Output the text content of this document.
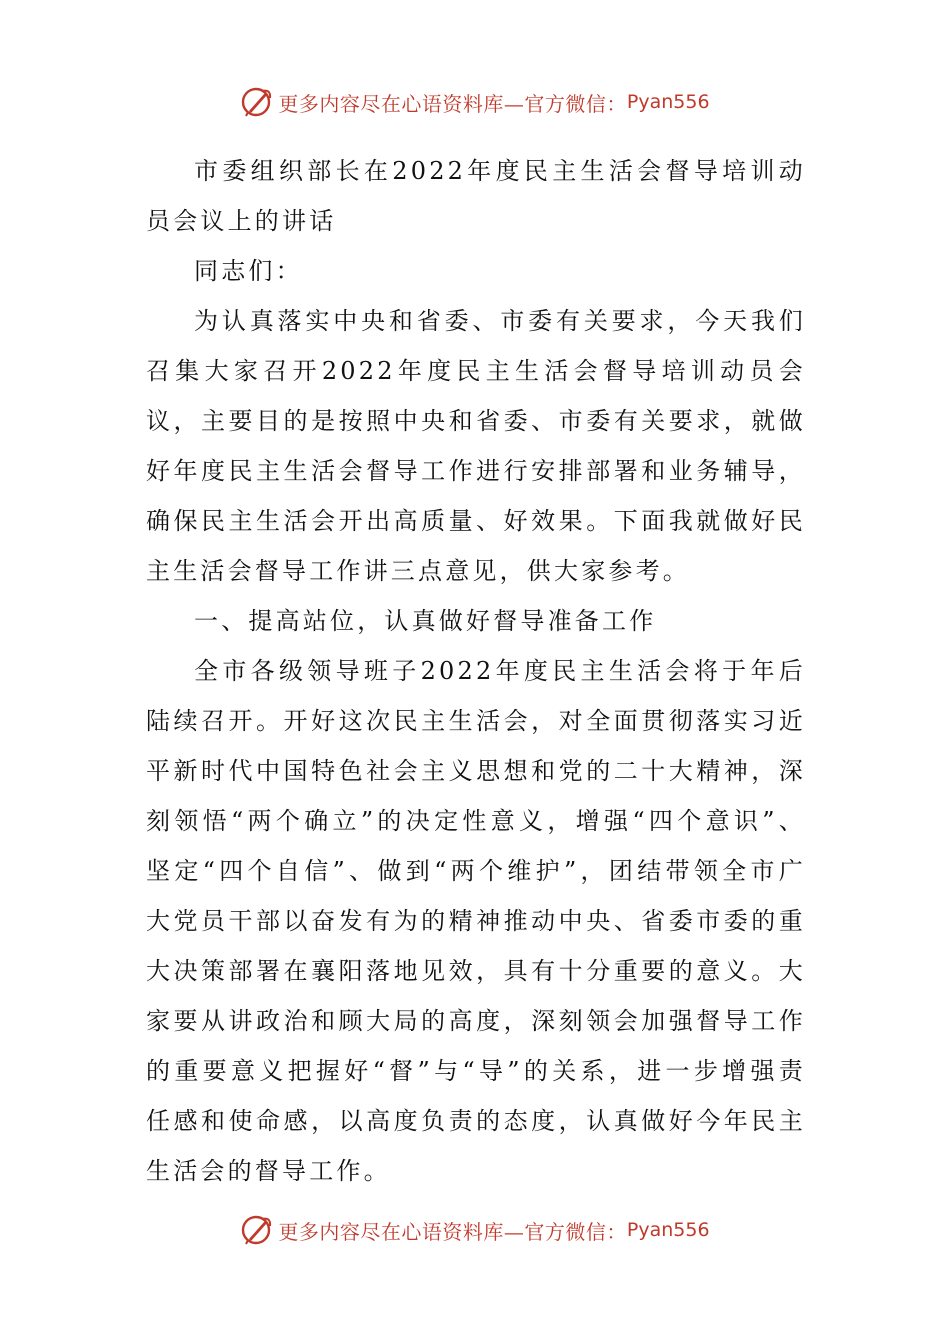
更多内容尽在心语资料库—官方微信： Pyan556

市委组织部长在2022年度民主生活会督导培训动员会议上的讲话

同志们：

为认真落实中央和省委、市委有关要求，今天我们召集大家召开2022年度民主生活会督导培训动员会议，主要目的是按照中央和省委、市委有关要求，就做好年度民主生活会督导工作进行安排部署和业务辅导，确保民主生活会开出高质量、好效果。下面我就做好民主生活会督导工作讲三点意见，供大家参考。

一、提高站位，认真做好督导准备工作

全市各级领导班子2022年度民主生活会将于年后陆续召开。开好这次民主生活会，对全面贯彻落实习近平新时代中国特色社会主义思想和党的二十大精神，深刻领悟“两个确立”的决定性意义，增强“四个意识”、坚定“四个自信”、做到“两个维护”，团结带领全市广大党员干部以奋发有为的精神推动中央、省委市委的重大决策部署在襄阳落地见效，具有十分重要的意义。大家要从讲政治和顾大局的高度，深刻领会加强督导工作的重要意义把握好“督”与“导”的关系，进一步增强责任感和使命感，以高度负责的态度，认真做好今年民主生活会的督导工作。

更多内容尽在心语资料库—官方微信： Pyan556
